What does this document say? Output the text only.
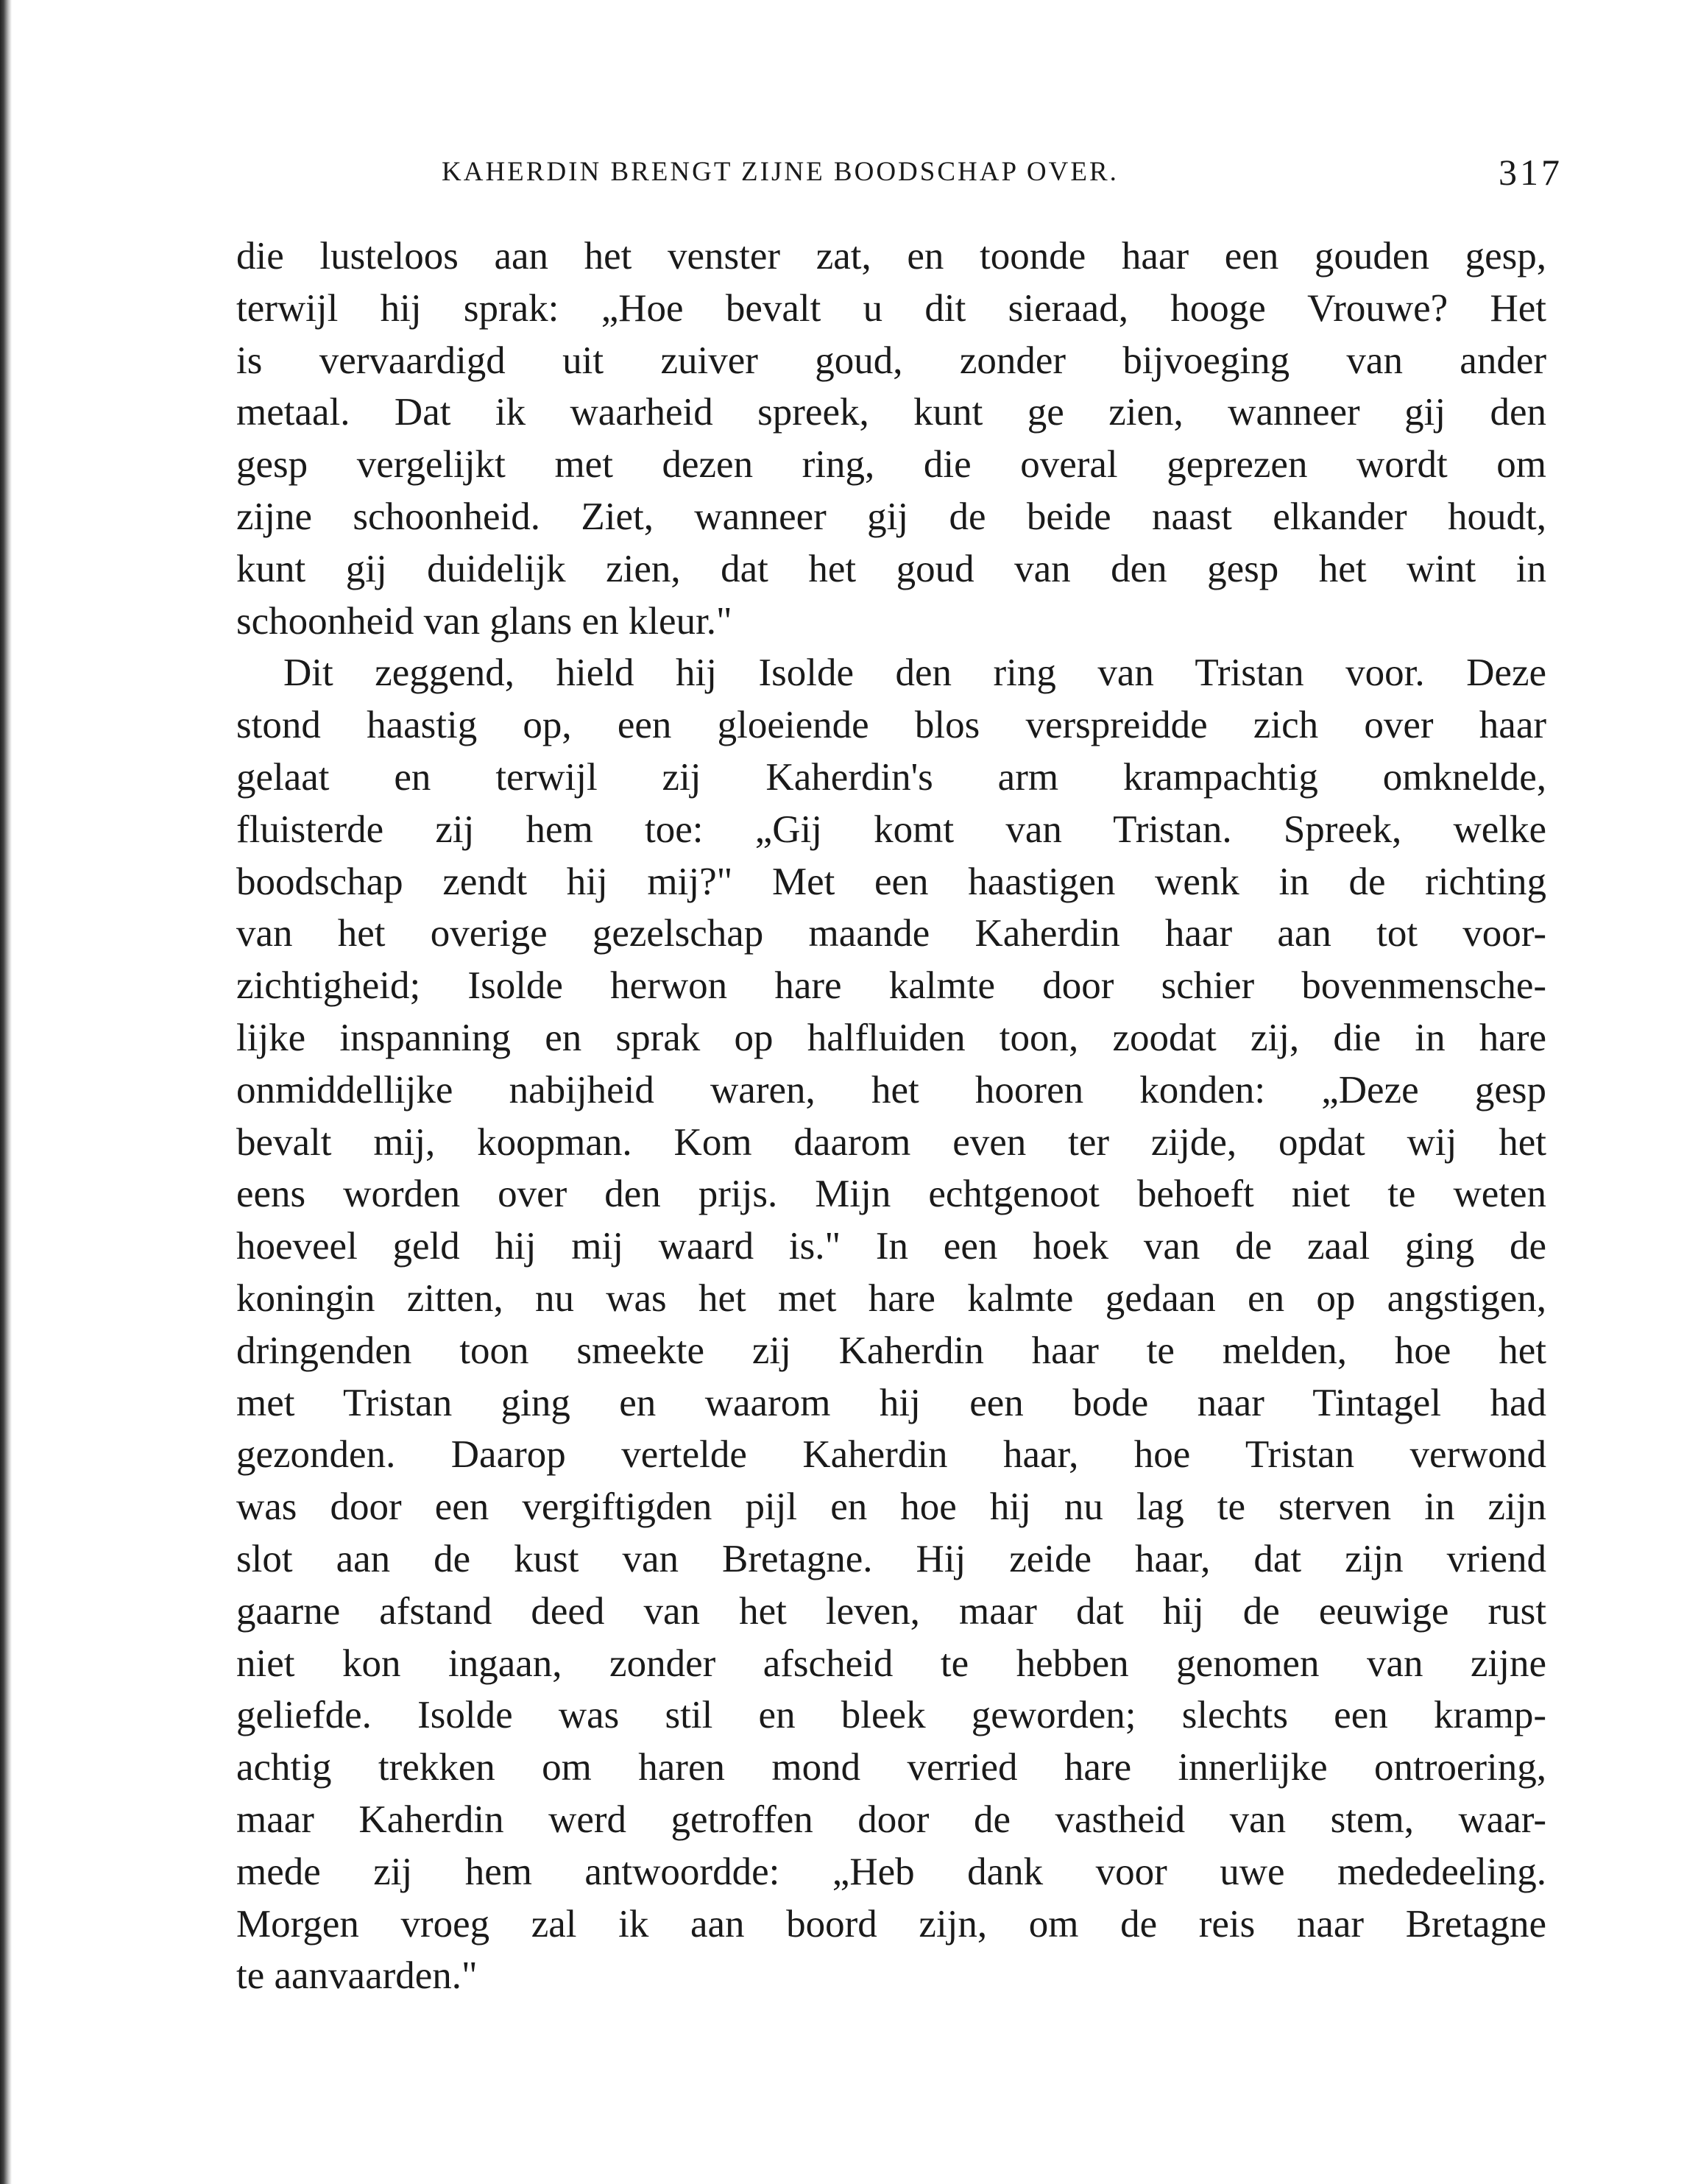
KAHERDIN BRENGT ZIJNE BOODSCHAP OVER.	317
die lusteloos aan het venster zat, en toonde haar een gouden gesp,
terwijl hij sprak: „Hoe bevalt u dit sieraad, hooge Vrouwe? Het
is vervaardigd uit zuiver goud, zonder bijvoeging van ander
metaal. Dat ik waarheid spreek, kunt ge zien, wanneer gij den
gesp vergelijkt met dezen ring, die overal geprezen wordt om
zijne schoonheid. Ziet, wanneer gij de beide naast elkander houdt,
kunt gij duidelijk zien, dat het goud van den gesp het wint in
schoonheid van glans en kleur."
Dit zeggend, hield hij Isolde den ring van Tristan voor. Deze
stond haastig op, een gloeiende blos verspreidde zich over haar
gelaat en terwijl zij Kaherdin's arm krampachtig omknelde,
fluisterde zij hem toe: „Gij komt van Tristan. Spreek, welke
boodschap zendt hij mij?" Met een haastigen wenk in de richting
van het overige gezelschap maande Kaherdin haar aan tot voor-
zichtigheid; Isolde herwon hare kalmte door schier bovenmensche-
lijke inspanning en sprak op halfluiden toon, zoodat zij, die in hare
onmiddellijke nabijheid waren, het hooren konden: „Deze gesp
bevalt mij, koopman. Kom daarom even ter zijde, opdat wij het
eens worden over den prijs. Mijn echtgenoot behoeft niet te weten
hoeveel geld hij mij waard is." In een hoek van de zaal ging de
koningin zitten, nu was het met hare kalmte gedaan en op angstigen,
dringenden toon smeekte zij Kaherdin haar te melden, hoe het
met Tristan ging en waarom hij een bode naar Tintagel had
gezonden. Daarop vertelde Kaherdin haar, hoe Tristan verwond
was door een vergiftigden pijl en hoe hij nu lag te sterven in zijn
slot aan de kust van Bretagne. Hij zeide haar, dat zijn vriend
gaarne afstand deed van het leven, maar dat hij de eeuwige rust
niet kon ingaan, zonder afscheid te hebben genomen van zijne
geliefde. Isolde was stil en bleek geworden; slechts een kramp-
achtig trekken om haren mond verried hare innerlijke ontroering,
maar Kaherdin werd getroffen door de vastheid van stem, waar-
mede zij hem antwoordde: „Heb dank voor uwe mededeeling.
Morgen vroeg zal ik aan boord zijn, om de reis naar Bretagne
te aanvaarden."
